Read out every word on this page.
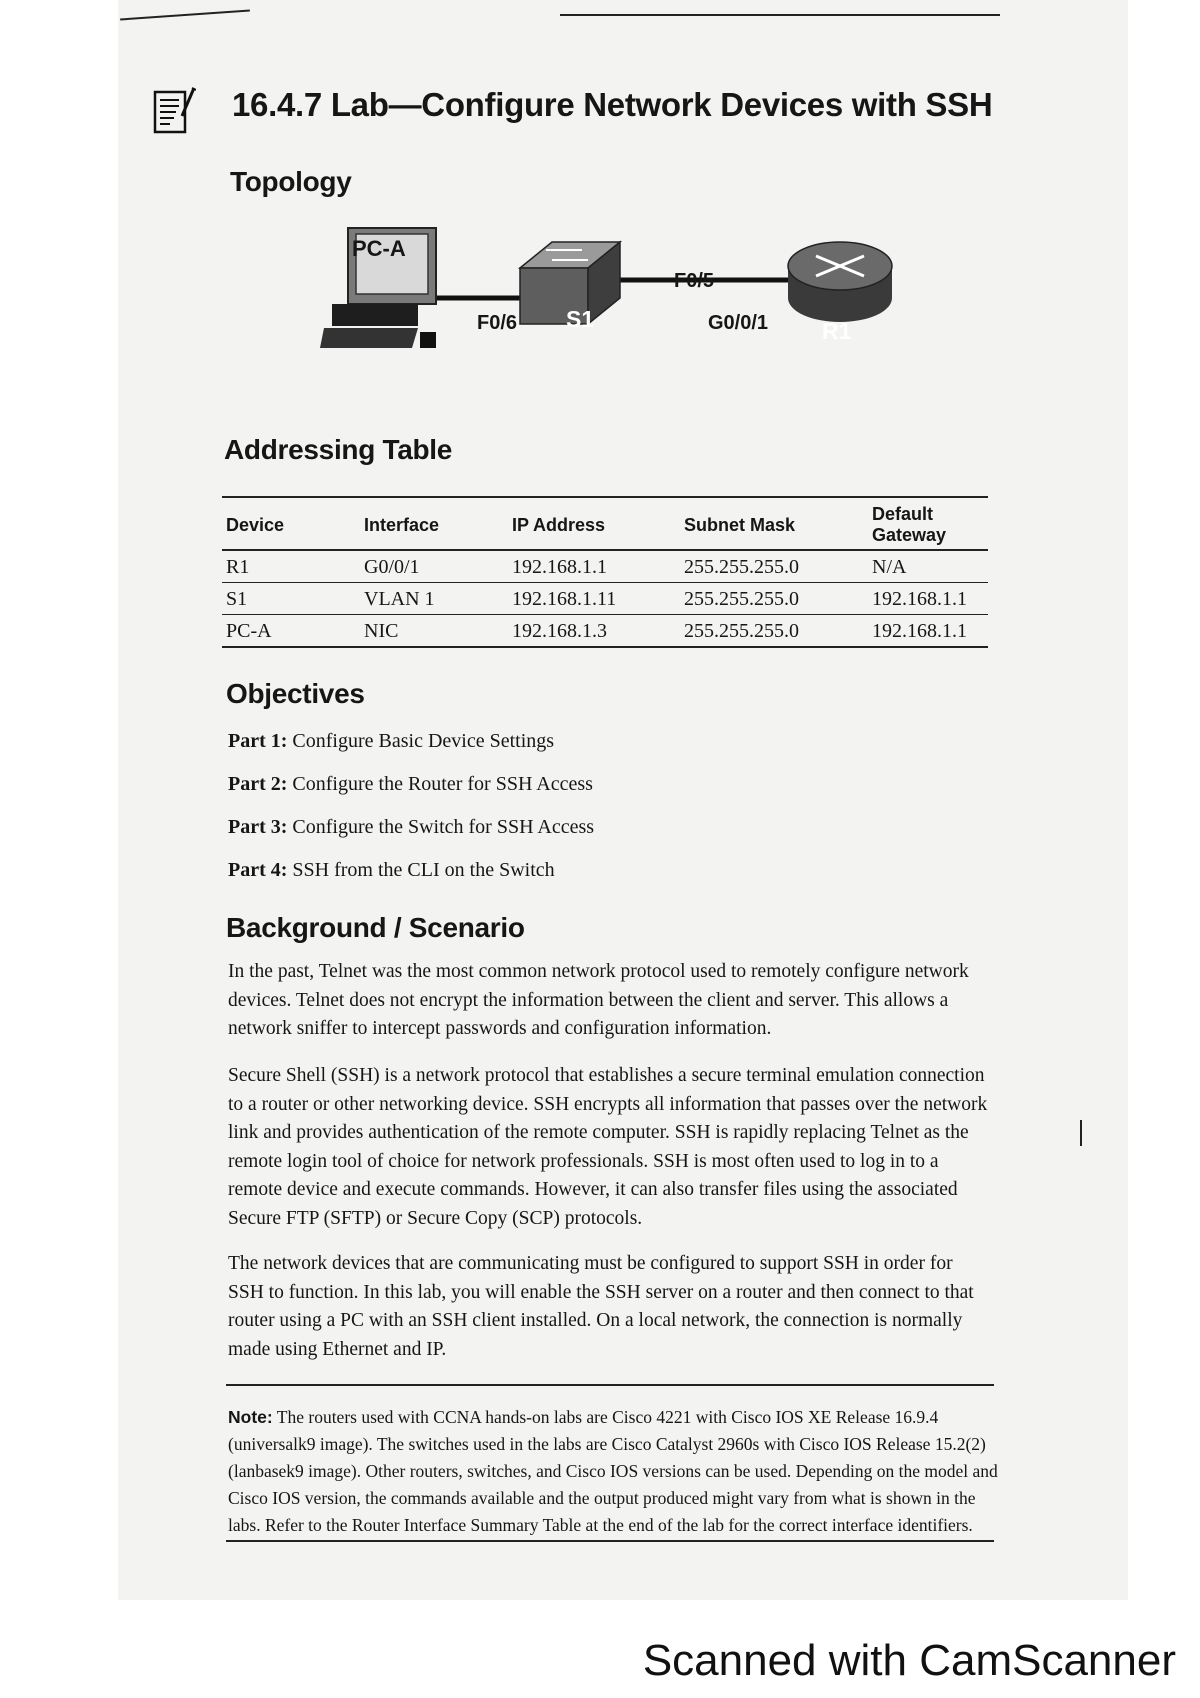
16.4.7 Lab—Configure Network Devices with SSH
Topology
PC-A
S1	R1
F0/6
F0/5
G0/0/1
Addressing Table
Device	Interface	IP Address	Subnet Mask	Default Gateway
R1	G0/0/1	192.168.1.1	255.255.255.0	N/A
S1	VLAN 1	192.168.1.11	255.255.255.0	192.168.1.1
PC-A	NIC	192.168.1.3	255.255.255.0	192.168.1.1
Objectives
Part 1: Configure Basic Device Settings
Part 2: Configure the Router for SSH Access
Part 3: Configure the Switch for SSH Access
Part 4: SSH from the CLI on the Switch
Background / Scenario
In the past, Telnet was the most common network protocol used to remotely configure network devices. Telnet does not encrypt the information between the client and server. This allows a network sniffer to intercept passwords and configuration information.
Secure Shell (SSH) is a network protocol that establishes a secure terminal emulation connection to a router or other networking device. SSH encrypts all information that passes over the network link and provides authentication of the remote computer. SSH is rapidly replacing Telnet as the remote login tool of choice for network professionals. SSH is most often used to log in to a remote device and execute commands. However, it can also transfer files using the associated Secure FTP (SFTP) or Secure Copy (SCP) protocols.
The network devices that are communicating must be configured to support SSH in order for SSH to function. In this lab, you will enable the SSH server on a router and then connect to that router using a PC with an SSH client installed. On a local network, the connection is normally made using Ethernet and IP.
Note: The routers used with CCNA hands-on labs are Cisco 4221 with Cisco IOS XE Release 16.9.4 (universalk9 image). The switches used in the labs are Cisco Catalyst 2960s with Cisco IOS Release 15.2(2) (lanbasek9 image). Other routers, switches, and Cisco IOS versions can be used. Depending on the model and Cisco IOS version, the commands available and the output produced might vary from what is shown in the labs. Refer to the Router Interface Summary Table at the end of the lab for the correct interface identifiers.
Scanned with CamScanner
